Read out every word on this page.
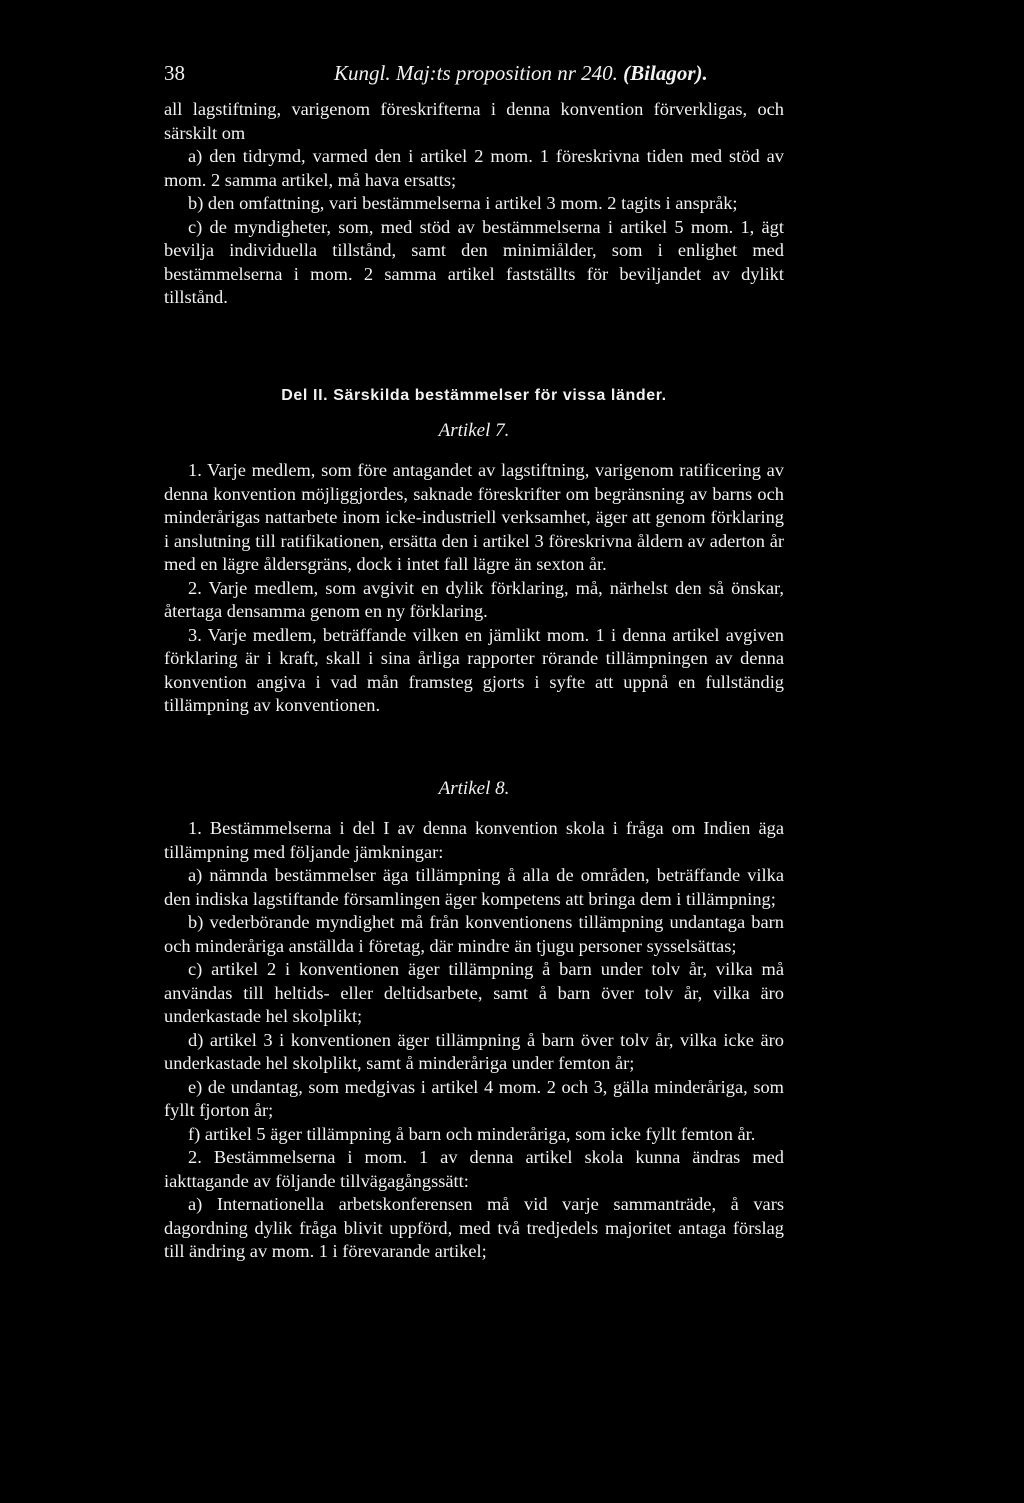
38	Kungl. Maj:ts proposition nr 240. (Bilagor).

all lagstiftning, varigenom föreskrifterna i denna konvention förverkligas, och särskilt om

a) den tidrymd, varmed den i artikel 2 mom. 1 föreskrivna tiden med stöd av mom. 2 samma artikel, må hava ersatts;

b) den omfattning, vari bestämmelserna i artikel 3 mom. 2 tagits i anspråk;

c) de myndigheter, som, med stöd av bestämmelserna i artikel 5 mom. 1, ägt bevilja individuella tillstånd, samt den minimiålder, som i enlighet med bestämmelserna i mom. 2 samma artikel fastställts för beviljandet av dylikt tillstånd.

Del II. Särskilda bestämmelser för vissa länder.
Artikel 7.

1. Varje medlem, som före antagandet av lagstiftning, varigenom ratificering av denna konvention möjliggjordes, saknade föreskrifter om begränsning av barns och minderårigas nattarbete inom icke-industriell verksamhet, äger att genom förklaring i anslutning till ratifikationen, ersätta den i artikel 3 föreskrivna åldern av aderton år med en lägre åldersgräns, dock i intet fall lägre än sexton år.

2. Varje medlem, som avgivit en dylik förklaring, må, närhelst den så önskar, återtaga densamma genom en ny förklaring.

3. Varje medlem, beträffande vilken en jämlikt mom. 1 i denna artikel avgiven förklaring är i kraft, skall i sina årliga rapporter rörande tillämpningen av denna konvention angiva i vad mån framsteg gjorts i syfte att uppnå en fullständig tillämpning av konventionen.

Artikel 8.

1. Bestämmelserna i del I av denna konvention skola i fråga om Indien äga tillämpning med följande jämkningar:

a) nämnda bestämmelser äga tillämpning å alla de områden, beträffande vilka den indiska lagstiftande församlingen äger kompetens att bringa dem i tillämpning;

b) vederbörande myndighet må från konventionens tillämpning undantaga barn och minderåriga anställda i företag, där mindre än tjugu personer sysselsättas;

c) artikel 2 i konventionen äger tillämpning å barn under tolv år, vilka må användas till heltids- eller deltidsarbete, samt å barn över tolv år, vilka äro underkastade hel skolplikt;

d) artikel 3 i konventionen äger tillämpning å barn över tolv år, vilka icke äro underkastade hel skolplikt, samt å minderåriga under femton år;

e) de undantag, som medgivas i artikel 4 mom. 2 och 3, gälla minderåriga, som fyllt fjorton år;

f) artikel 5 äger tillämpning å barn och minderåriga, som icke fyllt femton år.

2. Bestämmelserna i mom. 1 av denna artikel skola kunna ändras med iakttagande av följande tillvägagångssätt:

a) Internationella arbetskonferensen må vid varje sammanträde, å vars dagordning dylik fråga blivit uppförd, med två tredjedels majoritet antaga förslag till ändring av mom. 1 i förevarande artikel;
